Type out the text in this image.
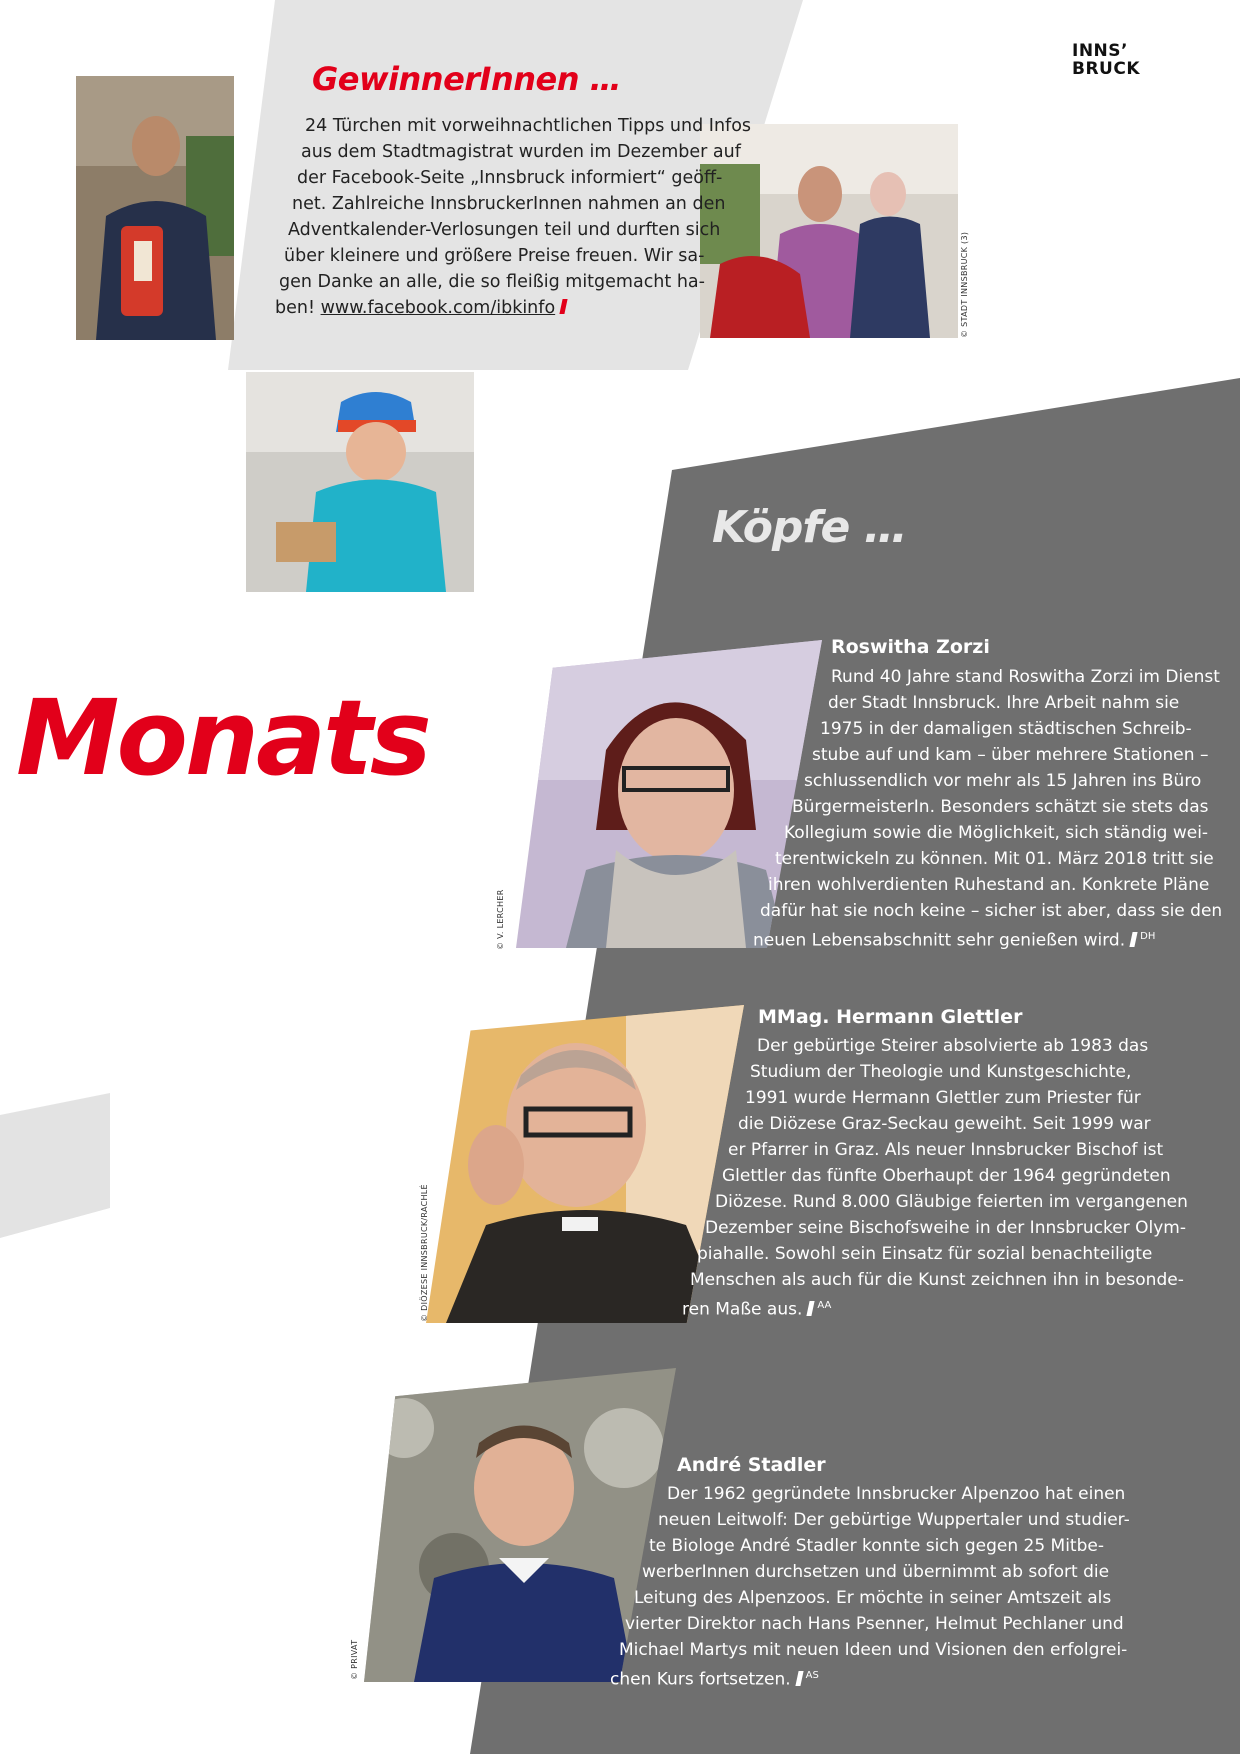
INNS’
BRUCK
© STADT INNSBRUCK (3)
GewinnerInnen …
24 Türchen mit vorweihnachtlichen Tipps und Infos
aus dem Stadtmagistrat wurden im Dezember auf
der Facebook-Seite „Innsbruck informiert“ geöff-
net. Zahlreiche InnsbruckerInnen nahmen an den
Adventkalender-Verlosungen teil und durften sich
über kleinere und größere Preise freuen. Wir sa-
gen Danke an alle, die so fleißig mitgemacht ha-
ben! www.facebook.com/ibkinfo
Monats
Köpfe …
© V. LERCHER
Roswitha Zorzi
Rund 40 Jahre stand Roswitha Zorzi im Dienst
der Stadt Innsbruck. Ihre Arbeit nahm sie
1975 in der damaligen städtischen Schreib-
stube auf und kam – über mehrere Stationen –
schlussendlich vor mehr als 15 Jahren ins Büro
BürgermeisterIn. Besonders schätzt sie stets das
Kollegium sowie die Möglichkeit, sich ständig wei-
terentwickeln zu können. Mit 01. März 2018 tritt sie
ihren wohlverdienten Ruhestand an. Konkrete Pläne
dafür hat sie noch keine – sicher ist aber, dass sie den
neuen Lebensabschnitt sehr genießen wird. $^{DH}$
© DIÖZESE INNSBRUCK/RACHLÉ
MMag. Hermann Glettler
Der gebürtige Steirer absolvierte ab 1983 das
Studium der Theologie und Kunstgeschichte,
1991 wurde Hermann Glettler zum Priester für
die Diözese Graz-Seckau geweiht. Seit 1999 war
er Pfarrer in Graz. Als neuer Innsbrucker Bischof ist
Glettler das fünfte Oberhaupt der 1964 gegründeten
Diözese. Rund 8.000 Gläubige feierten im vergangenen
Dezember seine Bischofsweihe in der Innsbrucker Olym-
piahalle. Sowohl sein Einsatz für sozial benachteiligte
Menschen als auch für die Kunst zeichnen ihn in besonde-
ren Maße aus. $^{AA}$
© PRIVAT
André Stadler
Der 1962 gegründete Innsbrucker Alpenzoo hat einen
neuen Leitwolf: Der gebürtige Wuppertaler und studier-
te Biologe André Stadler konnte sich gegen 25 Mitbe-
werberInnen durchsetzen und übernimmt ab sofort die
Leitung des Alpenzoos. Er möchte in seiner Amtszeit als
vierter Direktor nach Hans Psenner, Helmut Pechlaner und
Michael Martys mit neuen Ideen und Visionen den erfolgrei-
chen Kurs fortsetzen. $^{AS}$
